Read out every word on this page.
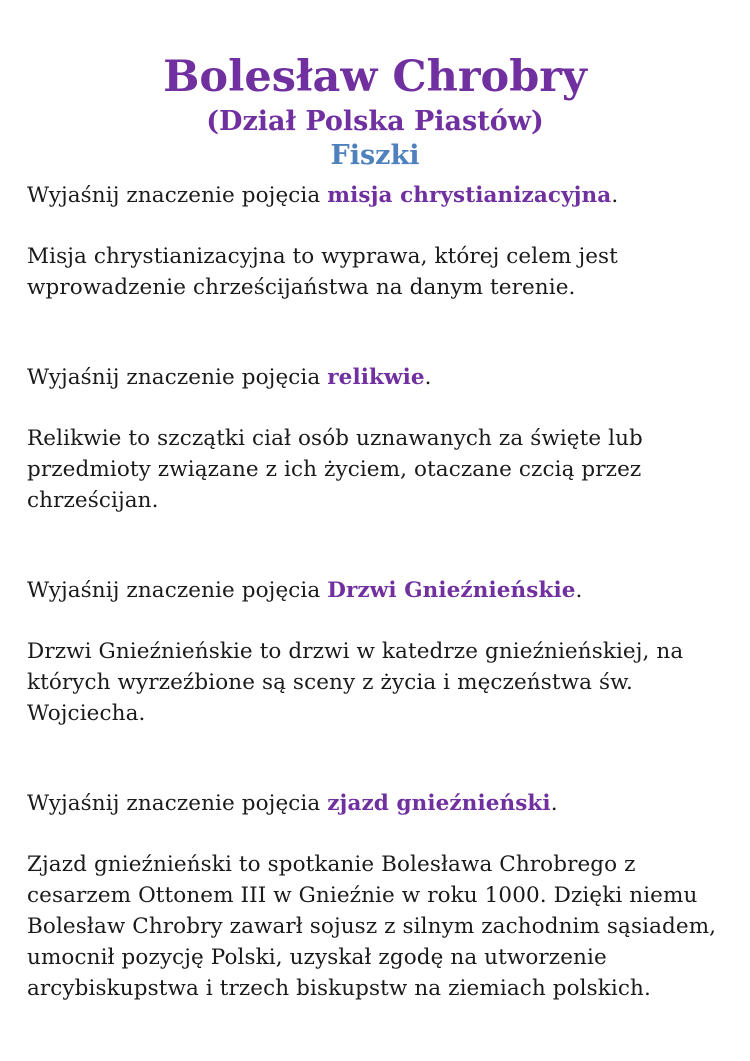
Bolesław Chrobry
(Dział Polska Piastów)
Fiszki

Wyjaśnij znaczenie pojęcia misja chrystianizacyjna.

Misja chrystianizacyjna to wyprawa, której celem jest wprowadzenie chrześcijaństwa na danym terenie.

Wyjaśnij znaczenie pojęcia relikwie.

Relikwie to szczątki ciał osób uznawanych za święte lub przedmioty związane z ich życiem, otaczane czcią przez chrześcijan.

Wyjaśnij znaczenie pojęcia Drzwi Gnieźnieńskie.

Drzwi Gnieźnieńskie to drzwi w katedrze gnieźnieńskiej, na których wyrzeźbione są sceny z życia i męczeństwa św. Wojciecha.

Wyjaśnij znaczenie pojęcia zjazd gnieźnieński.

Zjazd gnieźnieński to spotkanie Bolesława Chrobrego z cesarzem Ottonem III w Gnieźnie w roku 1000. Dzięki niemu Bolesław Chrobry zawarł sojusz z silnym zachodnim sąsiadem, umocnił pozycję Polski, uzyskał zgodę na utworzenie arcybiskupstwa i trzech biskupstw na ziemiach polskich.
